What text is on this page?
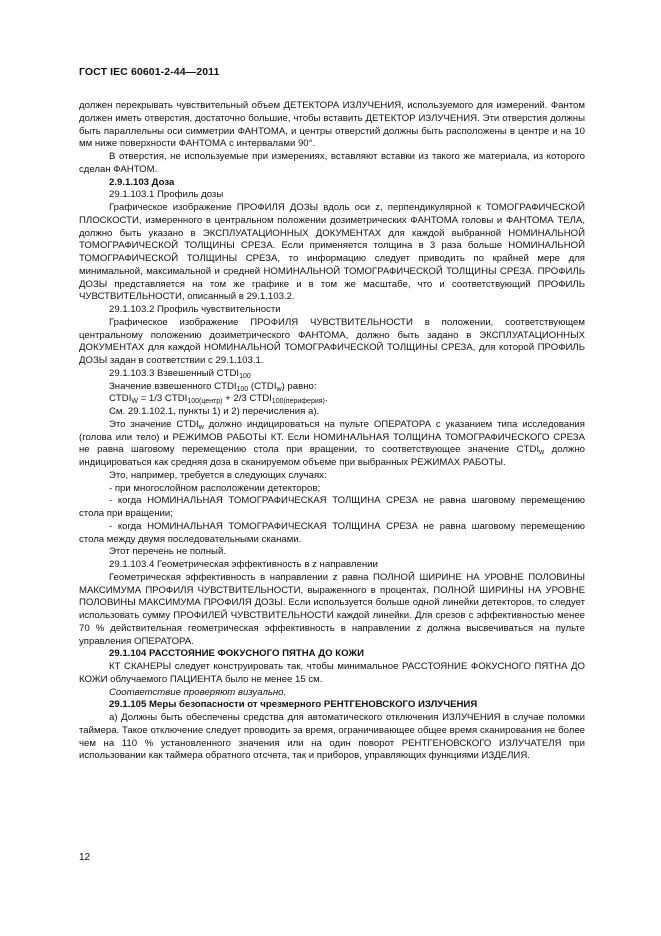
ГОСТ IEC 60601-2-44—2011

должен перекрывать чувствительный объем ДЕТЕКТОРА ИЗЛУЧЕНИЯ, используемого для измерений. Фантом должен иметь отверстия, достаточно большие, чтобы вставить ДЕТЕКТОР ИЗЛУЧЕНИЯ. Эти отверстия должны быть параллельны оси симметрии ФАНТОМА, и центры отверстий должны быть расположены в центре и на 10 мм ниже поверхности ФАНТОМА с интервалами 90°.

В отверстия, не используемые при измерениях, вставляют вставки из такого же материала, из которого сделан ФАНТОМ.

2.9.1.103 Доза

29.1.103.1 Профиль дозы

Графическое изображение ПРОФИЛЯ ДОЗЫ вдоль оси z, перпендикулярной к ТОМОГРАФИЧЕСКОЙ ПЛОСКОСТИ, измеренного в центральном положении дозиметрических ФАНТОМА головы и ФАНТОМА ТЕЛА, должно быть указано в ЭКСПЛУАТАЦИОННЫХ ДОКУМЕНТАХ для каждой выбранной НОМИНАЛЬНОЙ ТОМОГРАФИЧЕСКОЙ ТОЛЩИНЫ СРЕЗА. Если применяется толщина в 3 раза больше НОМИНАЛЬНОЙ ТОМОГРАФИЧЕСКОЙ ТОЛЩИНЫ СРЕЗА, то информацию следует приводить по крайней мере для минимальной, максимальной и средней НОМИНАЛЬНОЙ ТОМОГРАФИЧЕСКОЙ ТОЛЩИНЫ СРЕЗА. ПРОФИЛЬ ДОЗЫ представляется на том же графике и в том же масштабе, что и соответствующий ПРОФИЛЬ ЧУВСТВИТЕЛЬНОСТИ, описанный в 29.1.103.2.

29.1.103.2 Профиль чувствительности

Графическое изображение ПРОФИЛЯ ЧУВСТВИТЕЛЬНОСТИ в положении, соответствующем центральному положению дозиметрического ФАНТОМА, должно быть задано в ЭКСПЛУАТАЦИОННЫХ ДОКУМЕНТАХ для каждой НОМИНАЛЬНОЙ ТОМОГРАФИЧЕСКОЙ ТОЛЩИНЫ СРЕЗА, для которой ПРОФИЛЬ ДОЗЫ задан в соответствии с 29.1.103.1.

29.1.103.3 Взвешенный $CTDI_{100}$

Значение взвешенного $CTDI_{100}$ $(CTDI_w)$ равно:

$CTDI_W = 1/3$ $CTDI_{100(центр)} + 2/3$ $CTDI_{100(периферия)}$.

См. 29.1.102.1, пункты 1) и 2) перечисления а).

Это значение $CTDI_w$ должно индицироваться на пульте ОПЕРАТОРА с указанием типа исследования (голова или тело) и РЕЖИМОВ РАБОТЫ КТ. Если НОМИНАЛЬНАЯ ТОЛЩИНА ТОМОГРАФИЧЕСКОГО СРЕЗА не равна шаговому перемещению стола при вращении, то соответствующее значение $CTDI_w$ должно индицироваться как средняя доза в сканируемом объеме при выбранных РЕЖИМАХ РАБОТЫ.

Это, например, требуется в следующих случаях:

- при многослойном расположении детекторов;

- когда НОМИНАЛЬНАЯ ТОМОГРАФИЧЕСКАЯ ТОЛЩИНА СРЕЗА не равна шаговому перемещению стола при вращении;

- когда НОМИНАЛЬНАЯ ТОМОГРАФИЧЕСКАЯ ТОЛЩИНА СРЕЗА не равна шаговому перемещению стола между двумя последовательными сканами.

Этот перечень не полный.

29.1.103.4 Геометрическая эффективность в z направлении

Геометрическая эффективность в направлении z равна ПОЛНОЙ ШИРИНЕ НА УРОВНЕ ПОЛОВИНЫ МАКСИМУМА ПРОФИЛЯ ЧУВСТВИТЕЛЬНОСТИ, выраженного в процентах, ПОЛНОЙ ШИРИНЫ НА УРОВНЕ ПОЛОВИНЫ МАКСИМУМА ПРОФИЛЯ ДОЗЫ. Если используется больше одной линейки детекторов, то следует использовать сумму ПРОФИЛЕЙ ЧУВСТВИТЕЛЬНОСТИ каждой линейки. Для срезов с эффективностью менее 70 % действительная геометрическая эффективность в направлении z должна высвечиваться на пульте управления ОПЕРАТОРА.

29.1.104 РАССТОЯНИЕ ФОКУСНОГО ПЯТНА ДО КОЖИ

КТ СКАНЕРЫ следует конструировать так, чтобы минимальное РАССТОЯНИЕ ФОКУСНОГО ПЯТНА ДО КОЖИ облучаемого ПАЦИЕНТА было не менее 15 см.

Соответствие проверяют визуально.

29.1.105 Меры безопасности от чрезмерного РЕНТГЕНОВСКОГО ИЗЛУЧЕНИЯ

а) Должны быть обеспечены средства для автоматического отключения ИЗЛУЧЕНИЯ в случае поломки таймера. Такое отключение следует проводить за время, ограничивающее общее время сканирования не более чем на 110 % установленного значения или на один поворот РЕНТГЕНОВСКОГО ИЗЛУЧАТЕЛЯ при использовании как таймера обратного отсчета, так и приборов, управляющих функциями ИЗДЕЛИЯ.

12
